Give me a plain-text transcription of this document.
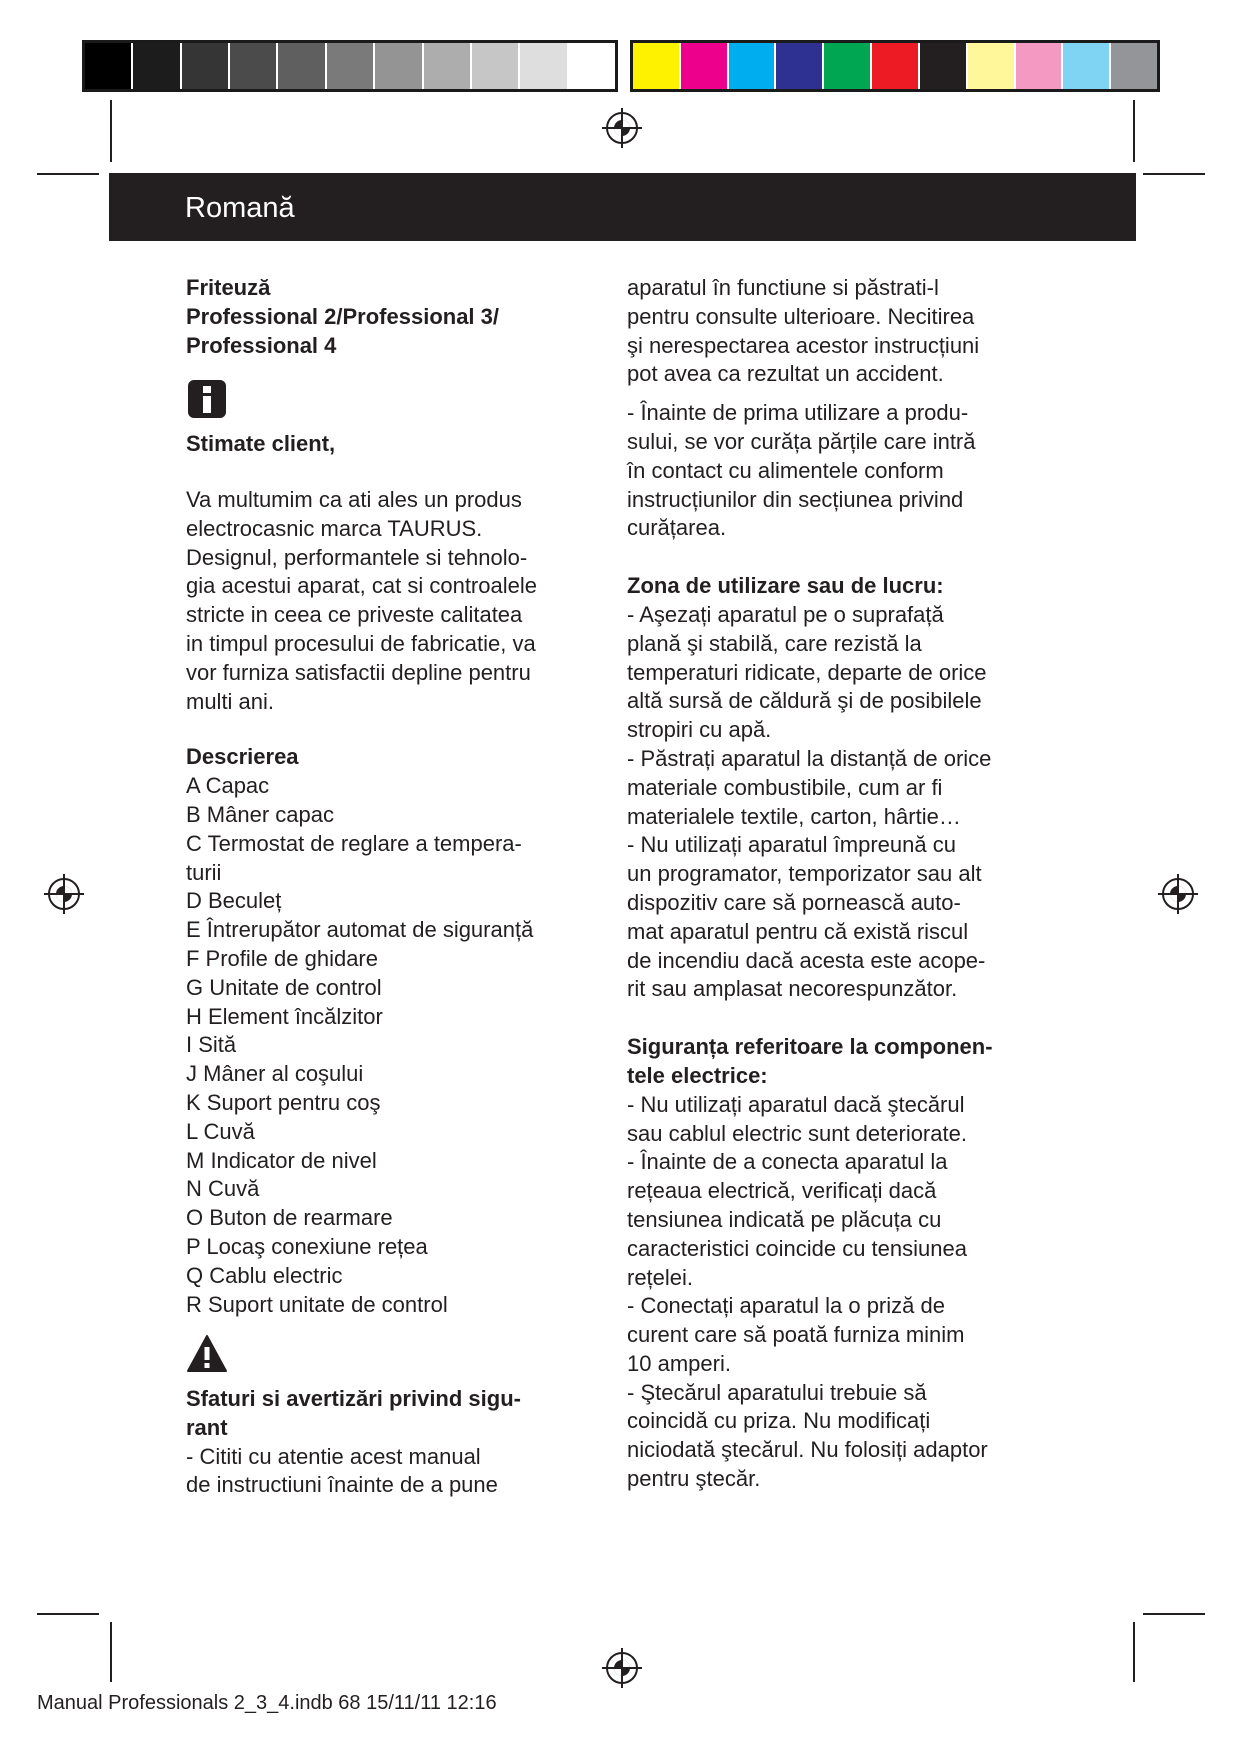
Romană

Friteuză

Professional 2/Professional 3/

Professional 4

Stimate client,

Va multumim ca ati ales un produs

electrocasnic marca TAURUS.

Designul, performantele si tehnolo-

gia acestui aparat, cat si controalele

stricte in ceea ce priveste calitatea

in timpul procesului de fabricatie, va

vor furniza satisfactii depline pentru

multi ani.

Descrierea

A Capac

B Mâner capac

C Termostat de reglare a tempera-

turii

D Beculeț

E Întrerupător automat de siguranță

F Profile de ghidare

G Unitate de control

H Element încălzitor

I Sită

J Mâner al coşului

K Suport pentru coş

L Cuvă

M Indicator de nivel

N Cuvă

O Buton de rearmare

P Locaş conexiune rețea

Q Cablu electric

R Suport unitate de control

Sfaturi si avertizări privind sigu-

rant

- Cititi cu atentie acest manual

de instructiuni înainte de a pune

aparatul în functiune si păstrati-l

pentru consulte ulterioare. Necitirea

şi nerespectarea acestor instrucțiuni

pot avea ca rezultat un accident.

- Înainte de prima utilizare a produ-

sului, se vor curăța părțile care intră

în contact cu alimentele conform

instrucțiunilor din secțiunea privind

curățarea.

Zona de utilizare sau de lucru:

- Aşezați aparatul pe o suprafață

plană şi stabilă, care rezistă la

temperaturi ridicate, departe de orice

altă sursă de căldură şi de posibilele

stropiri cu apă.

- Păstrați aparatul la distanță de orice

materiale combustibile, cum ar fi

materialele textile, carton, hârtie…

- Nu utilizați aparatul împreună cu

un programator, temporizator sau alt

dispozitiv care să pornească auto-

mat aparatul pentru că există riscul

de incendiu dacă acesta este acope-

rit sau amplasat necorespunzător.

Siguranța referitoare la componen-

tele electrice:

- Nu utilizați aparatul dacă ştecărul

sau cablul electric sunt deteriorate.

- Înainte de a conecta aparatul la

rețeaua electrică, verificați dacă

tensiunea indicată pe plăcuța cu

caracteristici coincide cu tensiunea

rețelei.

- Conectați aparatul la o priză de

curent care să poată furniza minim

10 amperi.

- Ştecărul aparatului trebuie să

coincidă cu priza. Nu modificați

niciodată ştecărul. Nu folosiți adaptor

pentru ştecăr.

Manual Professionals 2_3_4.indb 68 15/11/11 12:16
